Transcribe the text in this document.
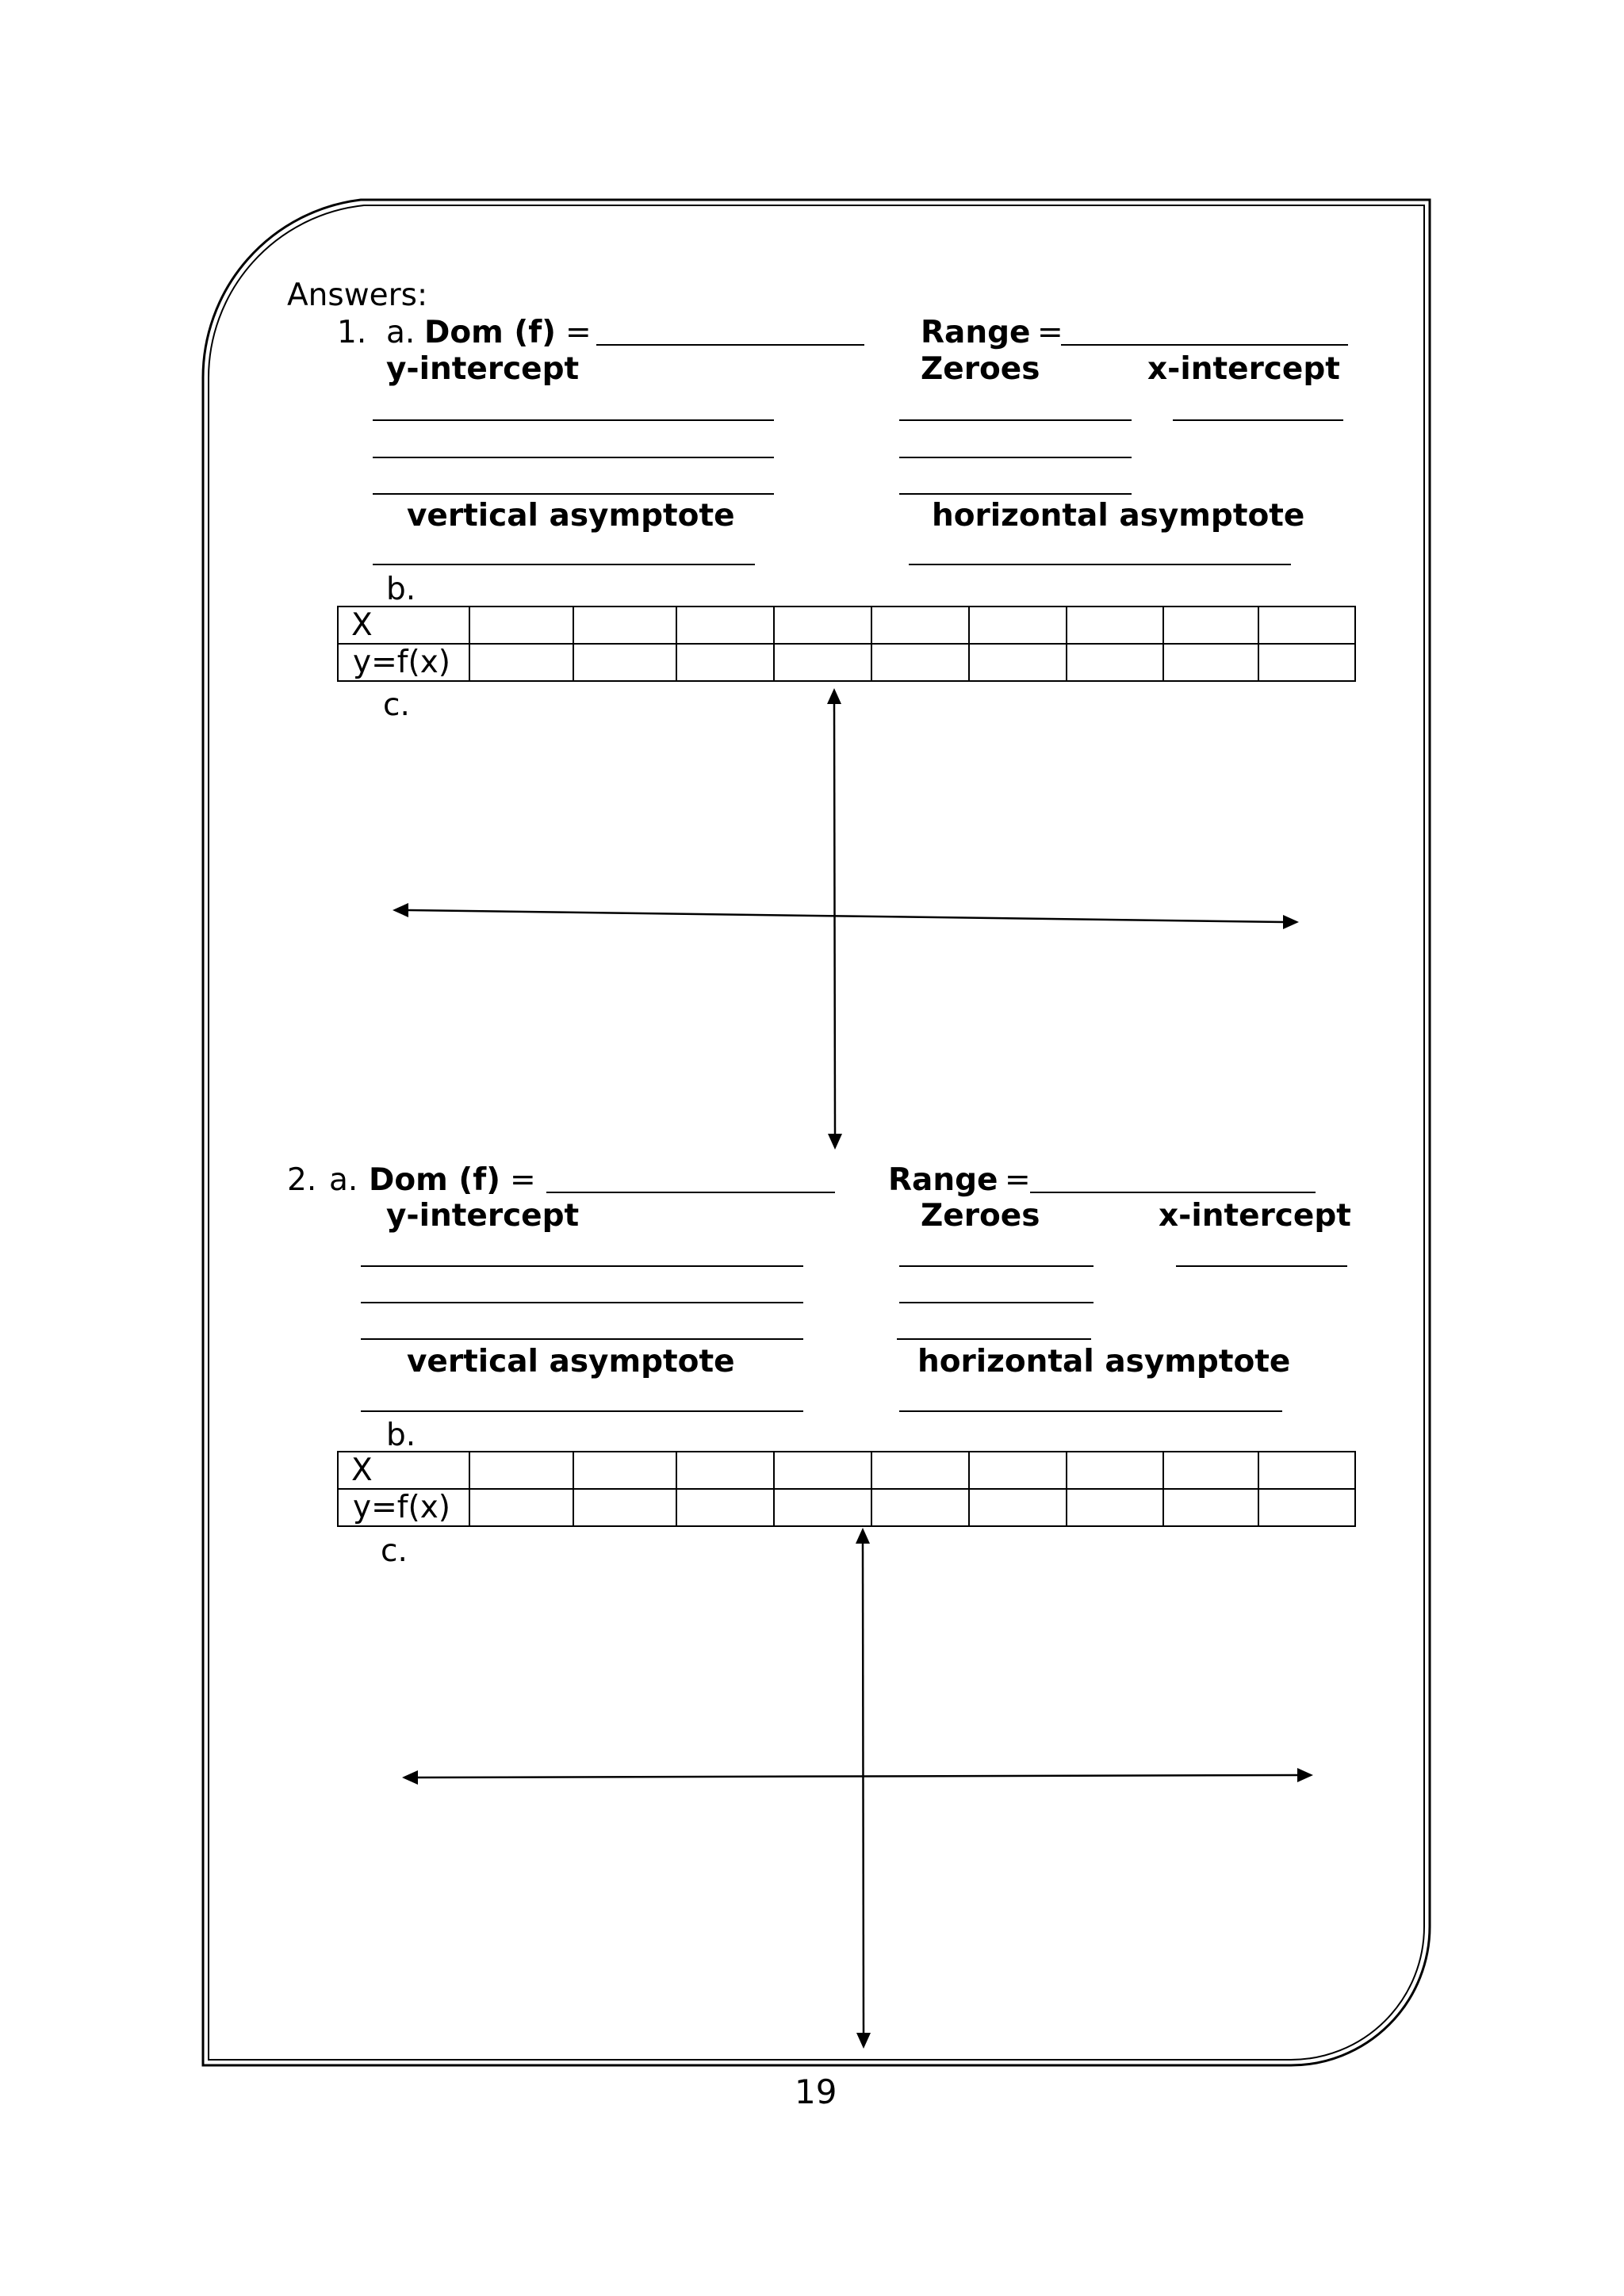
Answers:
1. a. Dom (f) =	Range =
y-intercept	Zeroes	x-intercept
vertical asymptote	horizontal asymptote
b.
X									
y=f(x)									
c.
2. a. Dom (f) =	Range =
y-intercept	Zeroes	x-intercept
vertical asymptote	horizontal asymptote
b.
X									
y=f(x)									
c.
19
